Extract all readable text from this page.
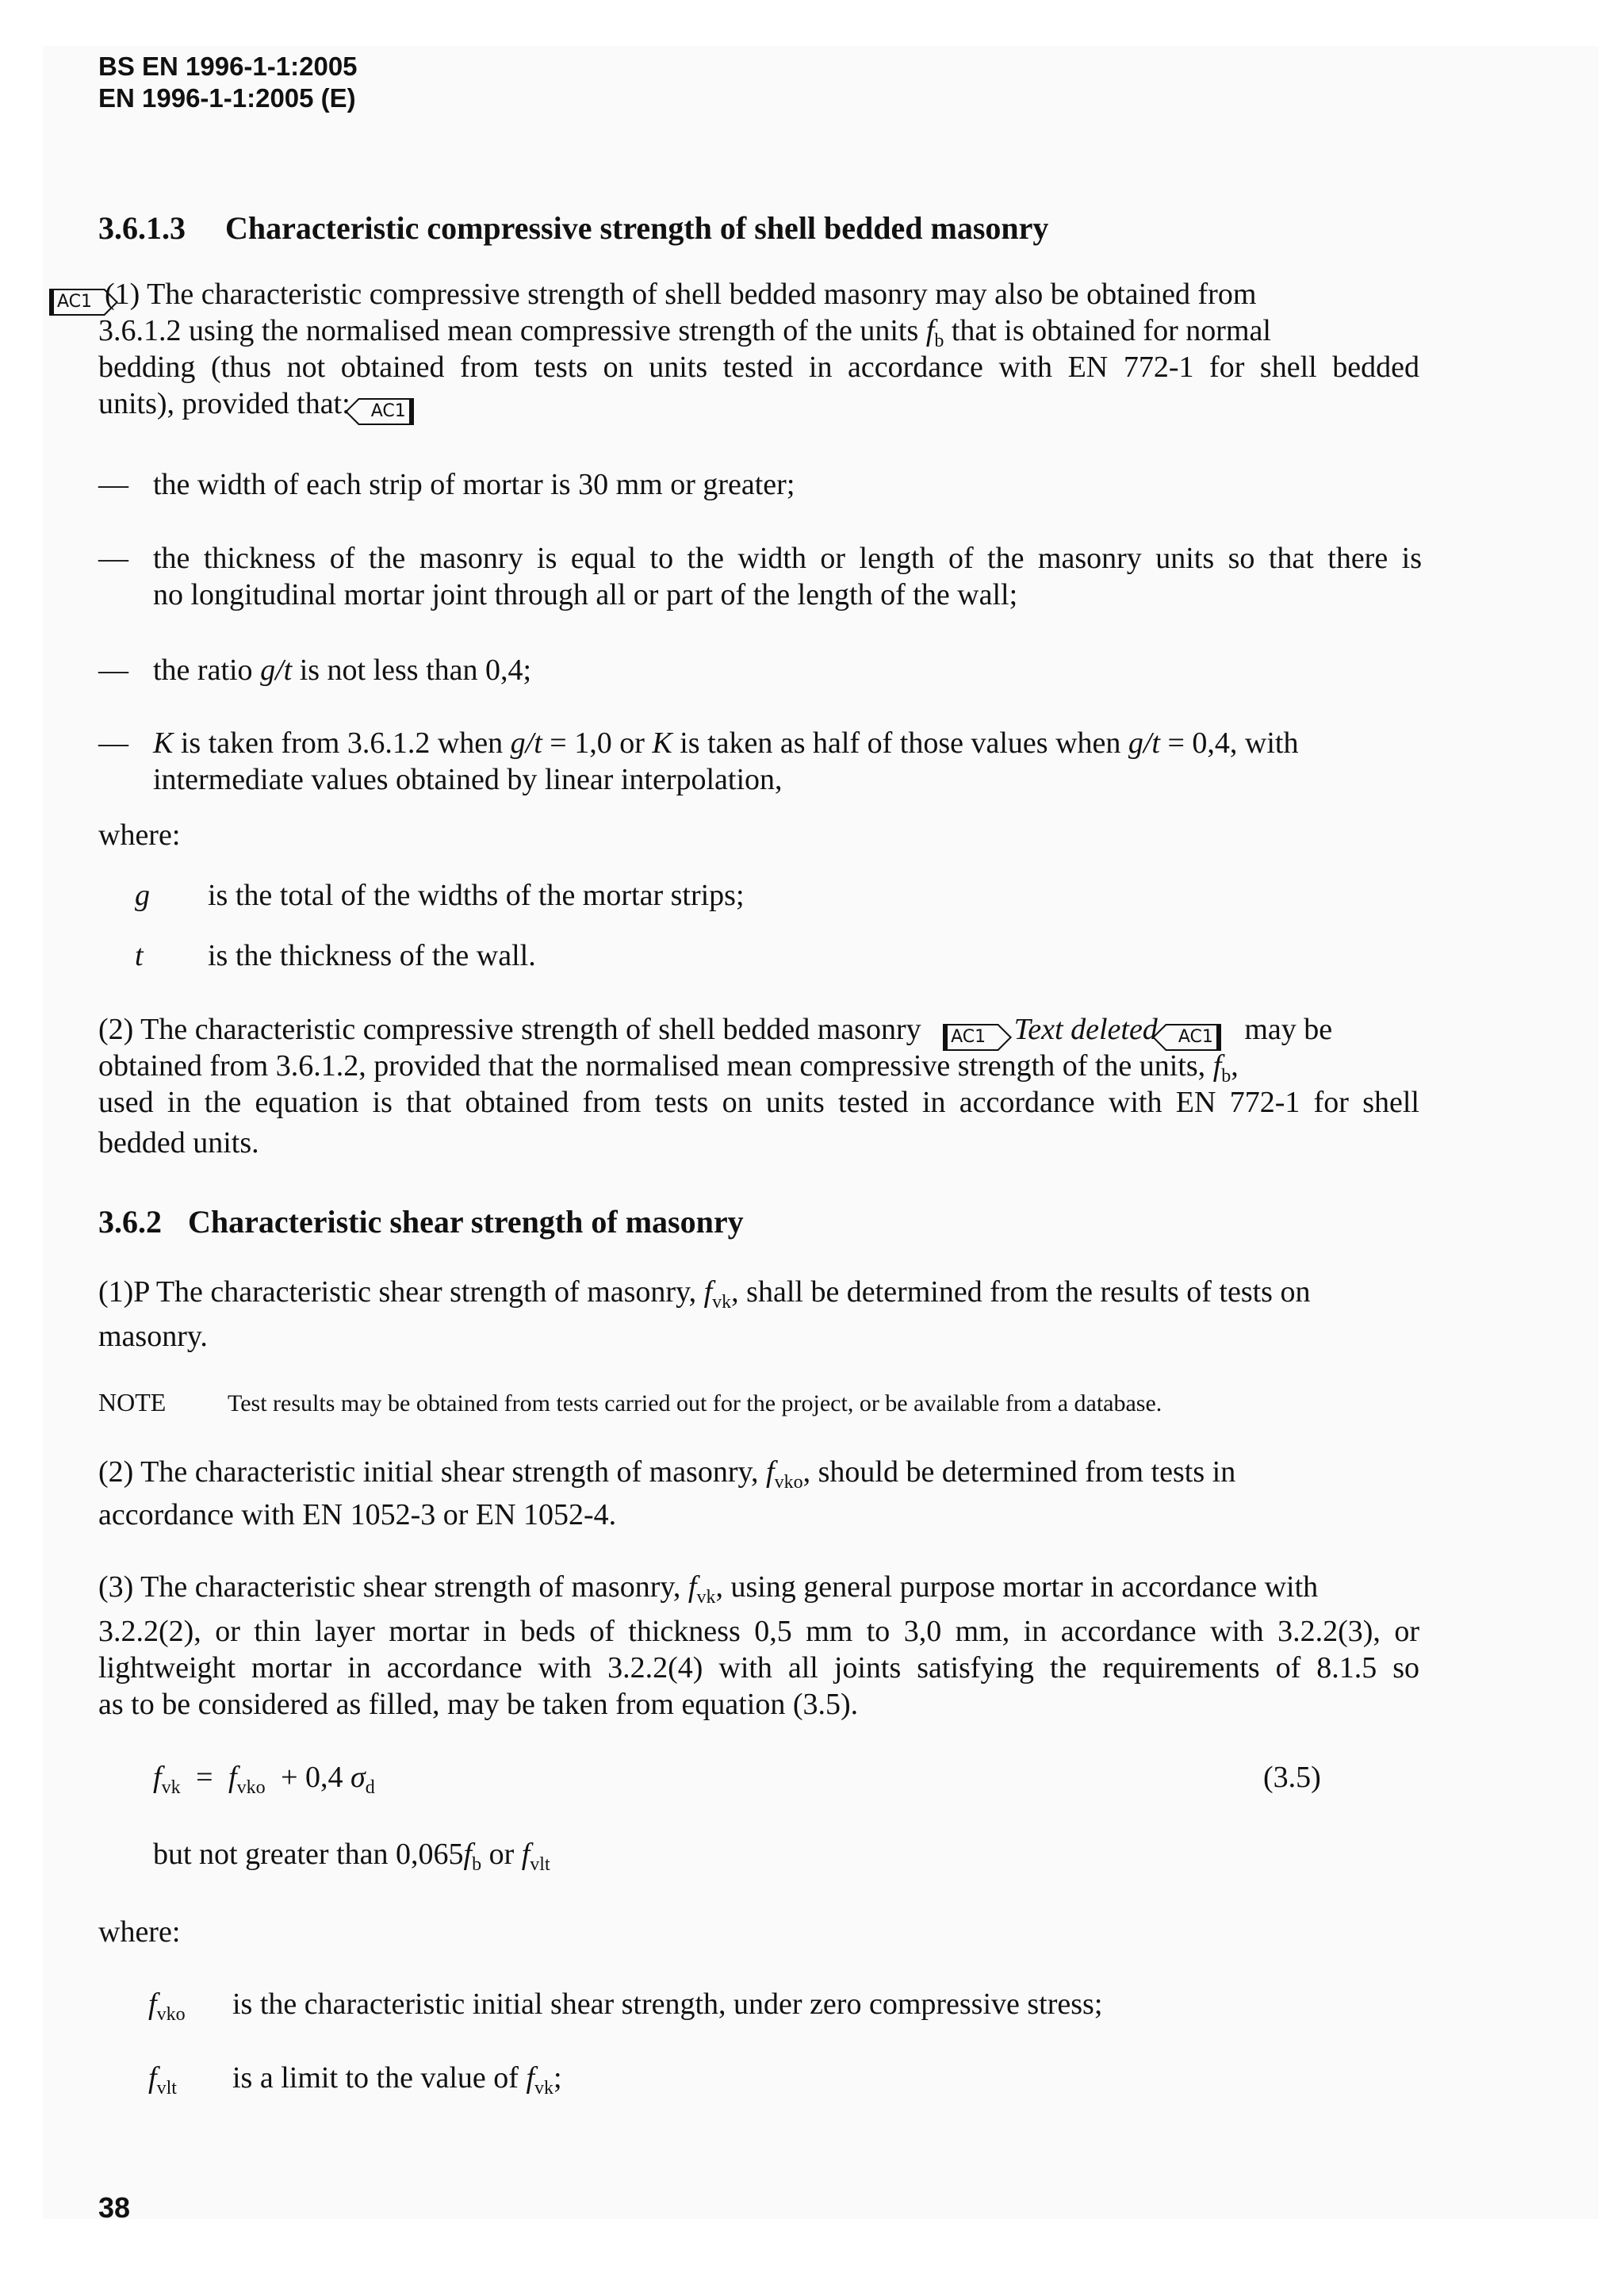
BS EN 1996-1-1:2005
EN 1996-1-1:2005 (E)
3.6.1.3 Characteristic compressive strength of shell bedded masonry
AC1 (1) The characteristic compressive strength of shell bedded masonry may also be obtained from
3.6.1.2 using the normalised mean compressive strength of the units $f_b$ that is obtained for normal
bedding (thus not obtained from tests on units tested in accordance with EN 772-1 for shell bedded
units), provided that: AC1
— the width of each strip of mortar is 30 mm or greater;
— the thickness of the masonry is equal to the width or length of the masonry units so that there is
no longitudinal mortar joint through all or part of the length of the wall;
— the ratio g/t is not less than 0,4;
— K is taken from 3.6.1.2 when g/t = 1,0 or K is taken as half of those values when g/t = 0,4, with
intermediate values obtained by linear interpolation,
where:
g is the total of the widths of the mortar strips;
t is the thickness of the wall.
(2) The characteristic compressive strength of shell bedded masonry AC1 Text deleted AC1 may be
obtained from 3.6.1.2, provided that the normalised mean compressive strength of the units, $f_b$,
used in the equation is that obtained from tests on units tested in accordance with EN 772-1 for shell
bedded units.
3.6.2 Characteristic shear strength of masonry
(1)P The characteristic shear strength of masonry, $f_{vk}$, shall be determined from the results of tests on
masonry.
NOTE	Test results may be obtained from tests carried out for the project, or be available from a database.
(2) The characteristic initial shear strength of masonry, $f_{vko}$, should be determined from tests in
accordance with EN 1052-3 or EN 1052-4.
(3) The characteristic shear strength of masonry, $f_{vk}$, using general purpose mortar in accordance with
3.2.2(2), or thin layer mortar in beds of thickness 0,5 mm to 3,0 mm, in accordance with 3.2.2(3), or
lightweight mortar in accordance with 3.2.2(4) with all joints satisfying the requirements of 8.1.5 so
as to be considered as filled, may be taken from equation (3.5).
$f_{vk} = f_{vko} + 0,4$ $\sigma_d$	(3.5)
but not greater than $0,065f_b$ or $f_{vlt}$
where:
$f_{vko}$ is the characteristic initial shear strength, under zero compressive stress;
$f_{vlt}$ is a limit to the value of $f_{vk}$;
38
